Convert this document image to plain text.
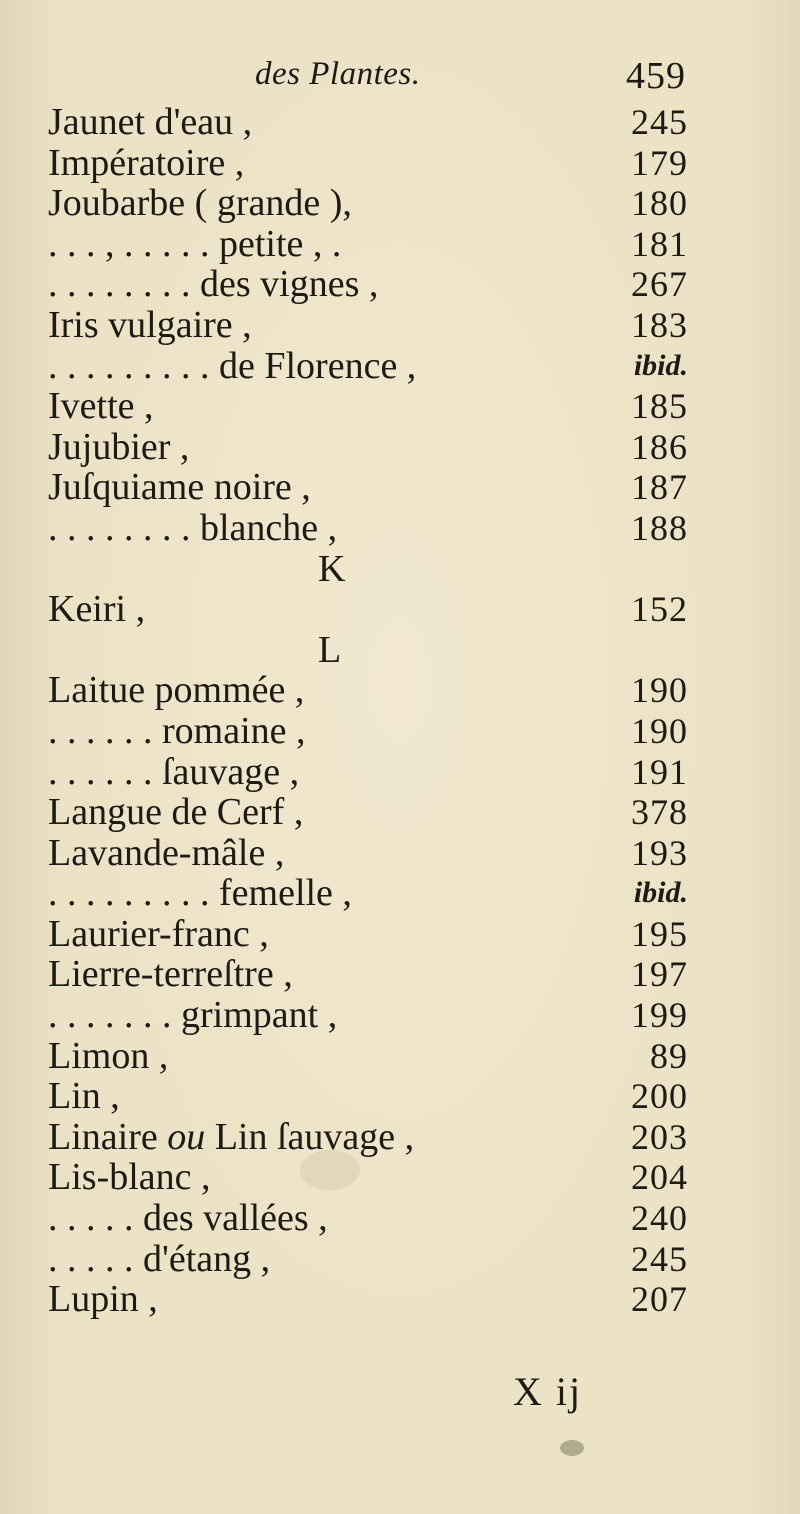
des Plantes.	459
Jaunet d'eau ,	245
Impératoire ,	179
Joubarbe ( grande ),	180
. . . , . . . . . petite , .	181
. . . . . . . . des vignes ,	267
Iris vulgaire ,	183
. . . . . . . . . de Florence ,	ibid.
Ivette ,	185
Jujubier ,	186
Juſquiame noire ,	187
. . . . . . . . blanche ,	188
K
Keiri ,	152
L
Laitue pommée ,	190
. . . . . . romaine ,	190
. . . . . . ſauvage ,	191
Langue de Cerf ,	378
Lavande-mâle ,	193
. . . . . . . . . femelle ,	ibid.
Laurier-franc ,	195
Lierre-terreſtre ,	197
. . . . . . . grimpant ,	199
Limon ,	89
Lin ,	200
Linaire ou Lin ſauvage ,	203
Lis-blanc ,	204
. . . . . des vallées ,	240
. . . . . d'étang ,	245
Lupin ,	207
X ij
